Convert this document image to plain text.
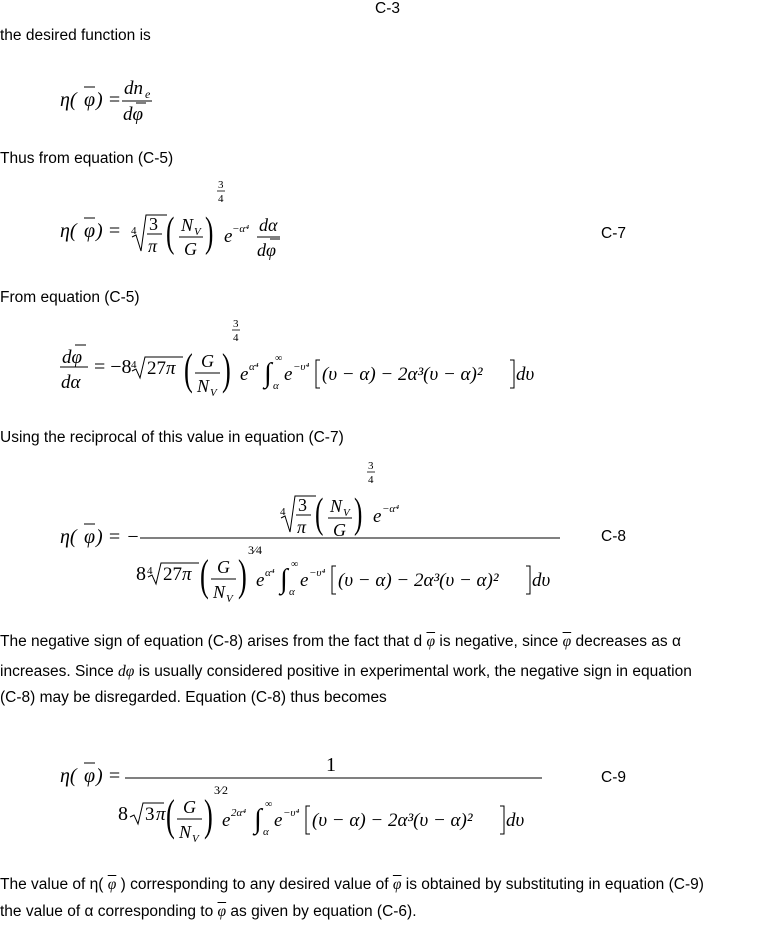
C-3
the desired function is
η( φ ) =
dn e
dφ
Thus from equation (C-5)
η( φ ) = 4 3
π ( N V
G )
3
4
e −α⁴ dα
dφ
C-7
From equation (C-5)
dφ
dα
= −8 4 27 π ( G
N V )
3
4
e α⁴ ∫ ∞
α
e −υ⁴ (υ − α) − 2α³(υ − α)² dυ
Using the reciprocal of this value in equation (C-7)
η( φ ) = −
4 3
π ( N V
G )
3
4
e −α⁴
8 4 27 π ( G
N V )
3⁄4
e α⁴ ∫ ∞
α
e −υ⁴ (υ − α) − 2α³(υ − α)² dυ
C-8
The negative sign of equation (C-8) arises from the fact that d $\overline{\varphi}$ is negative, since $\overline{\varphi}$ decreases as α
increases. Since dφ is usually considered positive in experimental work, the negative sign in equation
(C-8) may be disregarded. Equation (C-8) thus becomes
η( φ ) =	1
8 3 π ( G
N V )
3⁄2
e 2α⁴ ∫ ∞
α
e −υ⁴ (υ − α) − 2α³(υ − α)² dυ
C-9
The value of η( $\overline{\varphi}$ ) corresponding to any desired value of $\overline{\varphi}$ is obtained by substituting in equation (C-9)
the value of α corresponding to $\overline{\varphi}$ as given by equation (C-6).
